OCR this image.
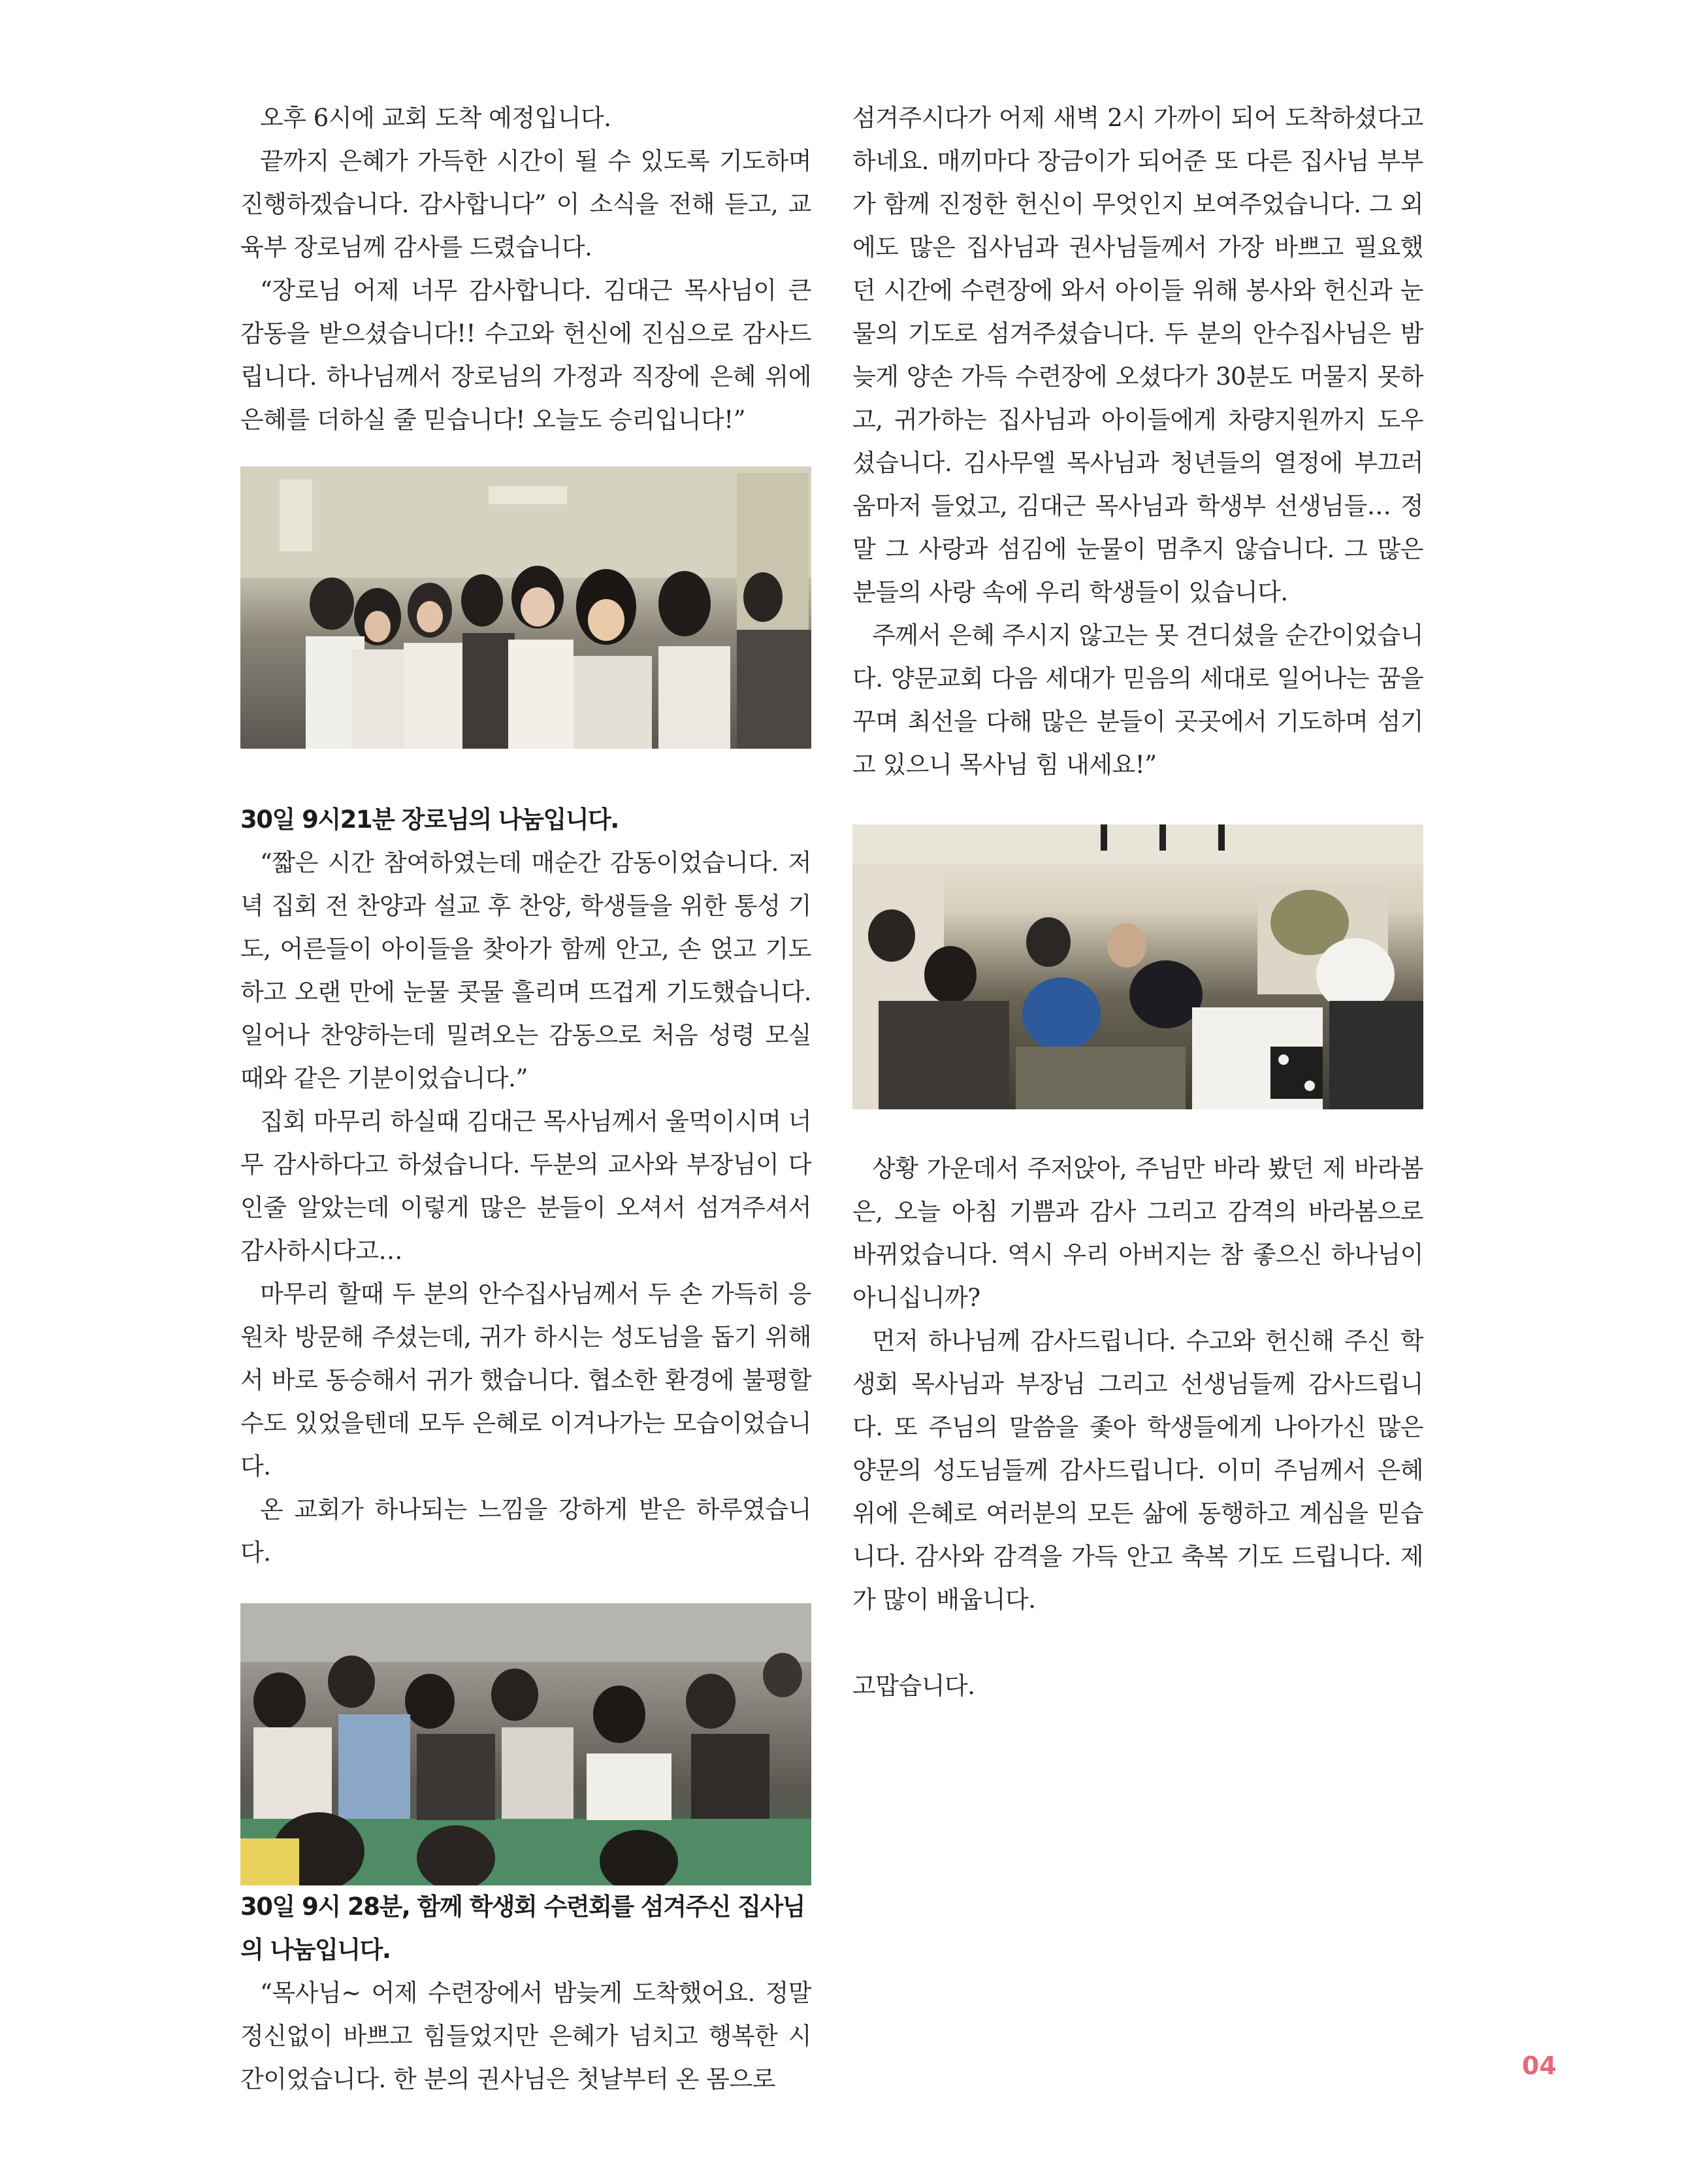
오후 6시에 교회 도착 예정입니다.

끝까지 은혜가 가득한 시간이 될 수 있도록 기도하며 진행하겠습니다. 감사합니다” 이 소식을 전해 듣고, 교육부 장로님께 감사를 드렸습니다.

“장로님 어제 너무 감사합니다. 김대근 목사님이 큰 감동을 받으셨습니다!! 수고와 헌신에 진심으로 감사드립니다. 하나님께서 장로님의 가정과 직장에 은혜 위에 은혜를 더하실 줄 믿습니다! 오늘도 승리입니다!”

30일 9시21분 장로님의 나눔입니다.

“짧은 시간 참여하였는데 매순간 감동이었습니다. 저녁 집회 전 찬양과 설교 후 찬양, 학생들을 위한 통성 기도, 어른들이 아이들을 찾아가 함께 안고, 손 얹고 기도하고 오랜 만에 눈물 콧물 흘리며 뜨겁게 기도했습니다. 일어나 찬양하는데 밀려오는 감동으로 처음 성령 모실 때와 같은 기분이었습니다.”

집회 마무리 하실때 김대근 목사님께서 울먹이시며 너무 감사하다고 하셨습니다. 두분의 교사와 부장님이 다인줄 알았는데 이렇게 많은 분들이 오셔서 섬겨주셔서 감사하시다고…

마무리 할때 두 분의 안수집사님께서 두 손 가득히 응원차 방문해 주셨는데, 귀가 하시는 성도님을 돕기 위해서 바로 동승해서 귀가 했습니다. 협소한 환경에 불평할수도 있었을텐데 모두 은혜로 이겨나가는 모습이었습니다.

온 교회가 하나되는 느낌을 강하게 받은 하루였습니다.

30일 9시 28분, 함께 학생회 수련회를 섬겨주신 집사님의 나눔입니다.

“목사님~ 어제 수련장에서 밤늦게 도착했어요. 정말 정신없이 바쁘고 힘들었지만 은혜가 넘치고 행복한 시간이었습니다. 한 분의 권사님은 첫날부터 온 몸으로

섬겨주시다가 어제 새벽 2시 가까이 되어 도착하셨다고 하네요. 매끼마다 장금이가 되어준 또 다른 집사님 부부가 함께 진정한 헌신이 무엇인지 보여주었습니다. 그 외에도 많은 집사님과 권사님들께서 가장 바쁘고 필요했던 시간에 수련장에 와서 아이들 위해 봉사와 헌신과 눈물의 기도로 섬겨주셨습니다. 두 분의 안수집사님은 밤늦게 양손 가득 수련장에 오셨다가 30분도 머물지 못하고, 귀가하는 집사님과 아이들에게 차량지원까지 도우셨습니다. 김사무엘 목사님과 청년들의 열정에 부끄러움마저 들었고, 김대근 목사님과 학생부 선생님들… 정말 그 사랑과 섬김에 눈물이 멈추지 않습니다. 그 많은 분들의 사랑 속에 우리 학생들이 있습니다.

주께서 은혜 주시지 않고는 못 견디셨을 순간이었습니다. 양문교회 다음 세대가 믿음의 세대로 일어나는 꿈을 꾸며 최선을 다해 많은 분들이 곳곳에서 기도하며 섬기고 있으니 목사님 힘 내세요!”

상황 가운데서 주저앉아, 주님만 바라 봤던 제 바라봄은, 오늘 아침 기쁨과 감사 그리고 감격의 바라봄으로 바뀌었습니다. 역시 우리 아버지는 참 좋으신 하나님이 아니십니까?

먼저 하나님께 감사드립니다. 수고와 헌신해 주신 학생회 목사님과 부장님 그리고 선생님들께 감사드립니다. 또 주님의 말씀을 좇아 학생들에게 나아가신 많은 양문의 성도님들께 감사드립니다. 이미 주님께서 은혜 위에 은혜로 여러분의 모든 삶에 동행하고 계심을 믿습니다. 감사와 감격을 가득 안고 축복 기도 드립니다. 제가 많이 배웁니다.

고맙습니다.

04
